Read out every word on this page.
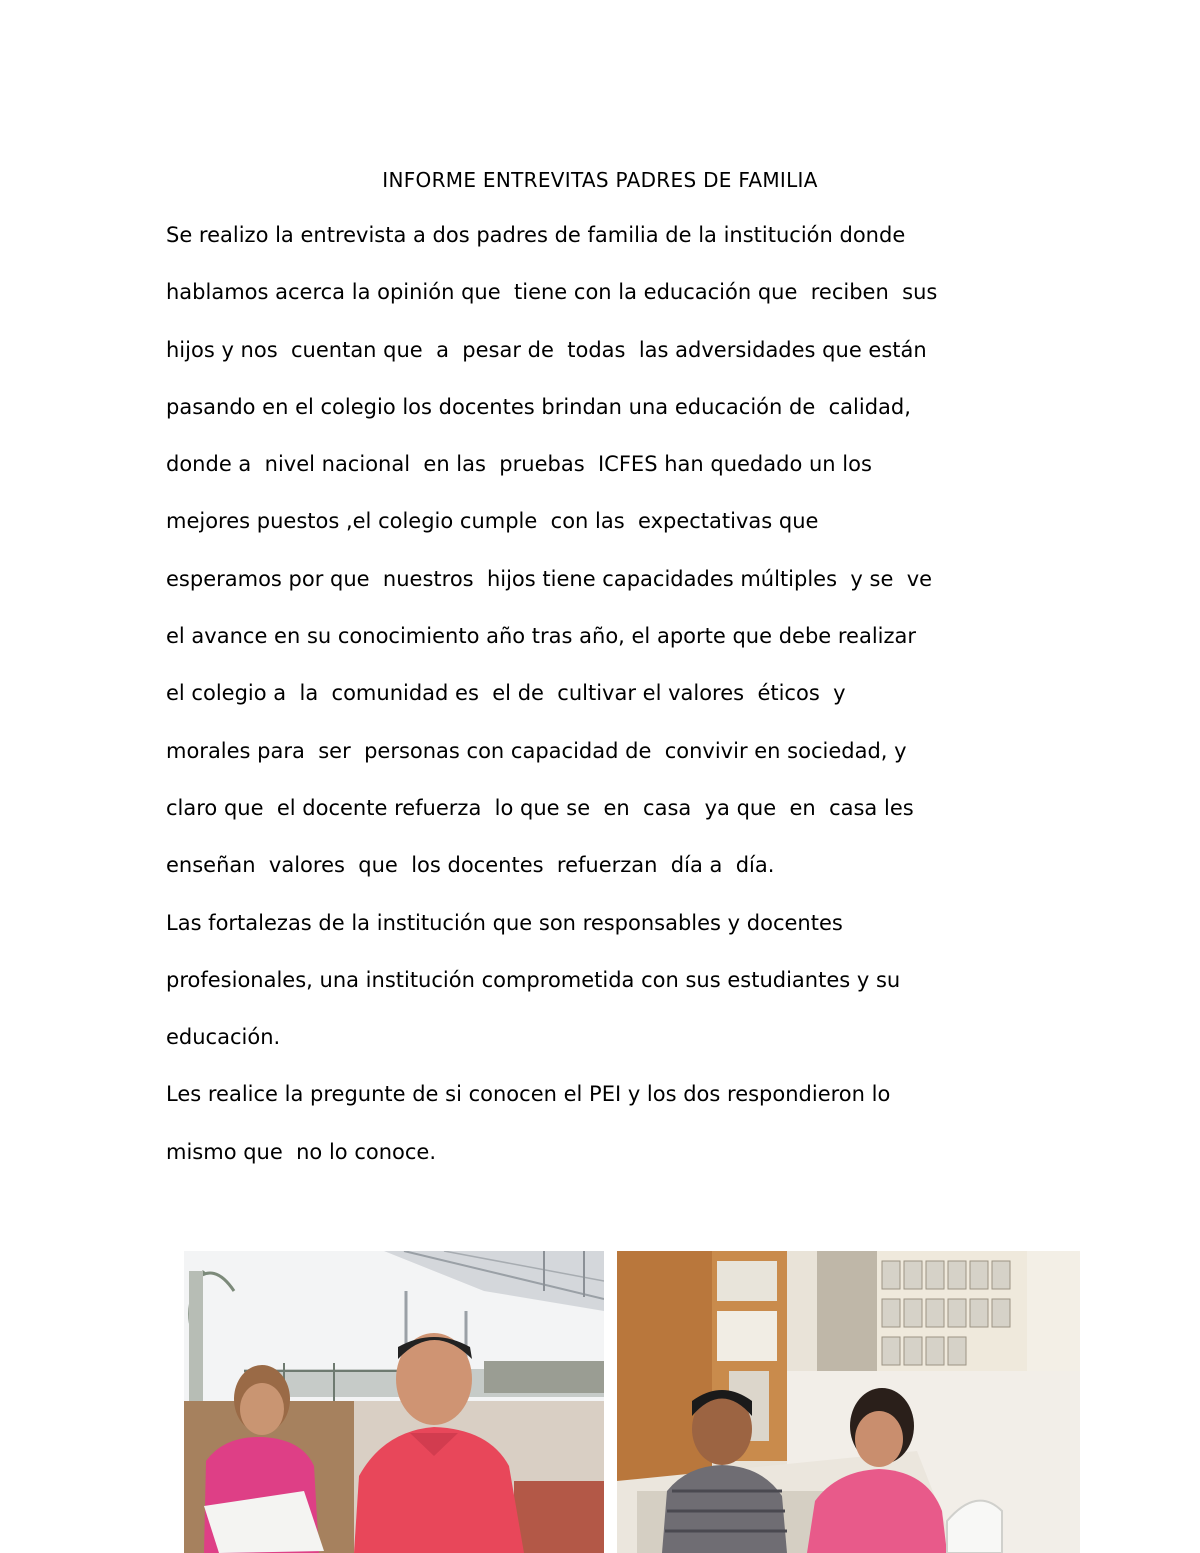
INFORME ENTREVITAS PADRES DE FAMILIA
Se realizo la entrevista a dos padres de familia de la institución donde
hablamos acerca la opinión que  tiene con la educación que  reciben  sus
hijos y nos  cuentan que  a  pesar de  todas  las adversidades que están
pasando en el colegio los docentes brindan una educación de  calidad,
donde a  nivel nacional  en las  pruebas  ICFES han quedado un los
mejores puestos ,el colegio cumple  con las  expectativas que
esperamos por que  nuestros  hijos tiene capacidades múltiples  y se  ve
el avance en su conocimiento año tras año, el aporte que debe realizar
el colegio a  la  comunidad es  el de  cultivar el valores  éticos  y
morales para  ser  personas con capacidad de  convivir en sociedad, y
claro que  el docente refuerza  lo que se  en  casa  ya que  en  casa les
enseñan  valores  que  los docentes  refuerzan  día a  día.
Las fortalezas de la institución que son responsables y docentes
profesionales, una institución comprometida con sus estudiantes y su
educación.
Les realice la pregunte de si conocen el PEI y los dos respondieron lo
mismo que  no lo conoce.
